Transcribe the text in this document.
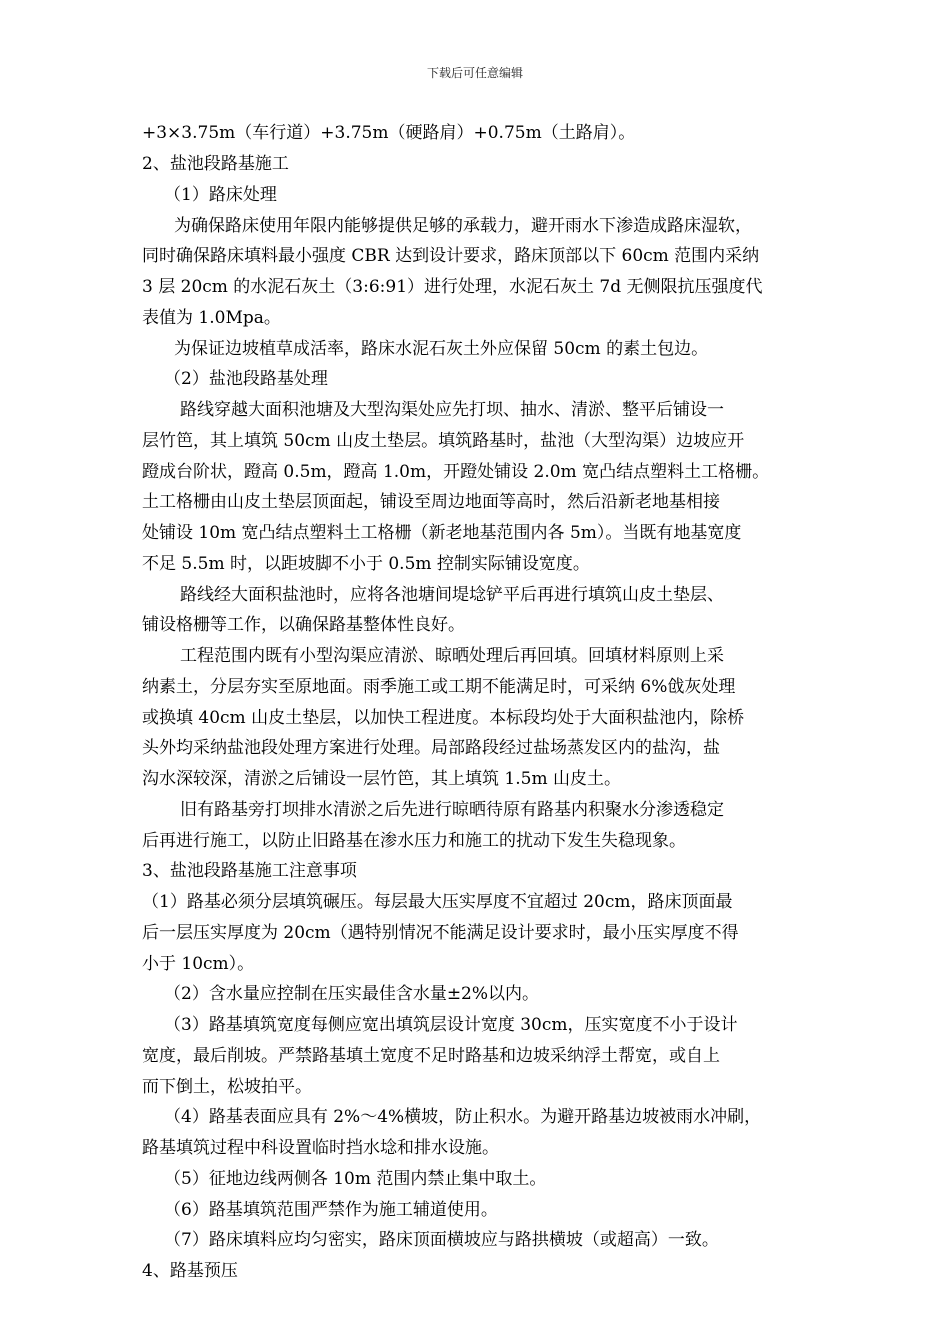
下载后可任意编辑
+3×3.75m（车行道）+3.75m（硬路肩）+0.75m（土路肩）。
2、盐池段路基施工
（1）路床处理
为确保路床使用年限内能够提供足够的承载力，避开雨水下渗造成路床湿软，
同时确保路床填料最小强度 CBR 达到设计要求，路床顶部以下 60cm 范围内采纳
3 层 20cm 的水泥石灰土（3:6:91）进行处理，水泥石灰土 7d 无侧限抗压强度代
表值为 1.0Mpa。
为保证边坡植草成活率，路床水泥石灰土外应保留 50cm 的素土包边。
（2）盐池段路基处理
路线穿越大面积池塘及大型沟渠处应先打坝、抽水、清淤、整平后铺设一
层竹笆，其上填筑 50cm 山皮土垫层。填筑路基时，盐池（大型沟渠）边坡应开
蹬成台阶状，蹬高 0.5m，蹬高 1.0m，开蹬处铺设 2.0m 宽凸结点塑料土工格栅。
土工格栅由山皮土垫层顶面起，铺设至周边地面等高时，然后沿新老地基相接
处铺设 10m 宽凸结点塑料土工格栅（新老地基范围内各 5m）。当既有地基宽度
不足 5.5m 时，以距坡脚不小于 0.5m 控制实际铺设宽度。
路线经大面积盐池时，应将各池塘间堤埝铲平后再进行填筑山皮土垫层、
铺设格栅等工作，以确保路基整体性良好。
工程范围内既有小型沟渠应清淤、晾晒处理后再回填。回填材料原则上采
纳素土，分层夯实至原地面。雨季施工或工期不能满足时，可采纳 6%戗灰处理
或换填 40cm 山皮土垫层，以加快工程进度。本标段均处于大面积盐池内，除桥
头外均采纳盐池段处理方案进行处理。局部路段经过盐场蒸发区内的盐沟，盐
沟水深较深，清淤之后铺设一层竹笆，其上填筑 1.5m 山皮土。
旧有路基旁打坝排水清淤之后先进行晾晒待原有路基内积聚水分渗透稳定
后再进行施工，以防止旧路基在渗水压力和施工的扰动下发生失稳现象。
3、盐池段路基施工注意事项
（1）路基必须分层填筑碾压。每层最大压实厚度不宜超过 20cm，路床顶面最
后一层压实厚度为 20cm（遇特别情况不能满足设计要求时，最小压实厚度不得
小于 10cm）。
（2）含水量应控制在压实最佳含水量±2%以内。
（3）路基填筑宽度每侧应宽出填筑层设计宽度 30cm，压实宽度不小于设计
宽度，最后削坡。严禁路基填土宽度不足时路基和边坡采纳浮土帮宽，或自上
而下倒土，松坡拍平。
（4）路基表面应具有 2%～4%横坡，防止积水。为避开路基边坡被雨水冲刷，
路基填筑过程中科设置临时挡水埝和排水设施。
（5）征地边线两侧各 10m 范围内禁止集中取土。
（6）路基填筑范围严禁作为施工辅道使用。
（7）路床填料应均匀密实，路床顶面横坡应与路拱横坡（或超高）一致。
4、路基预压
